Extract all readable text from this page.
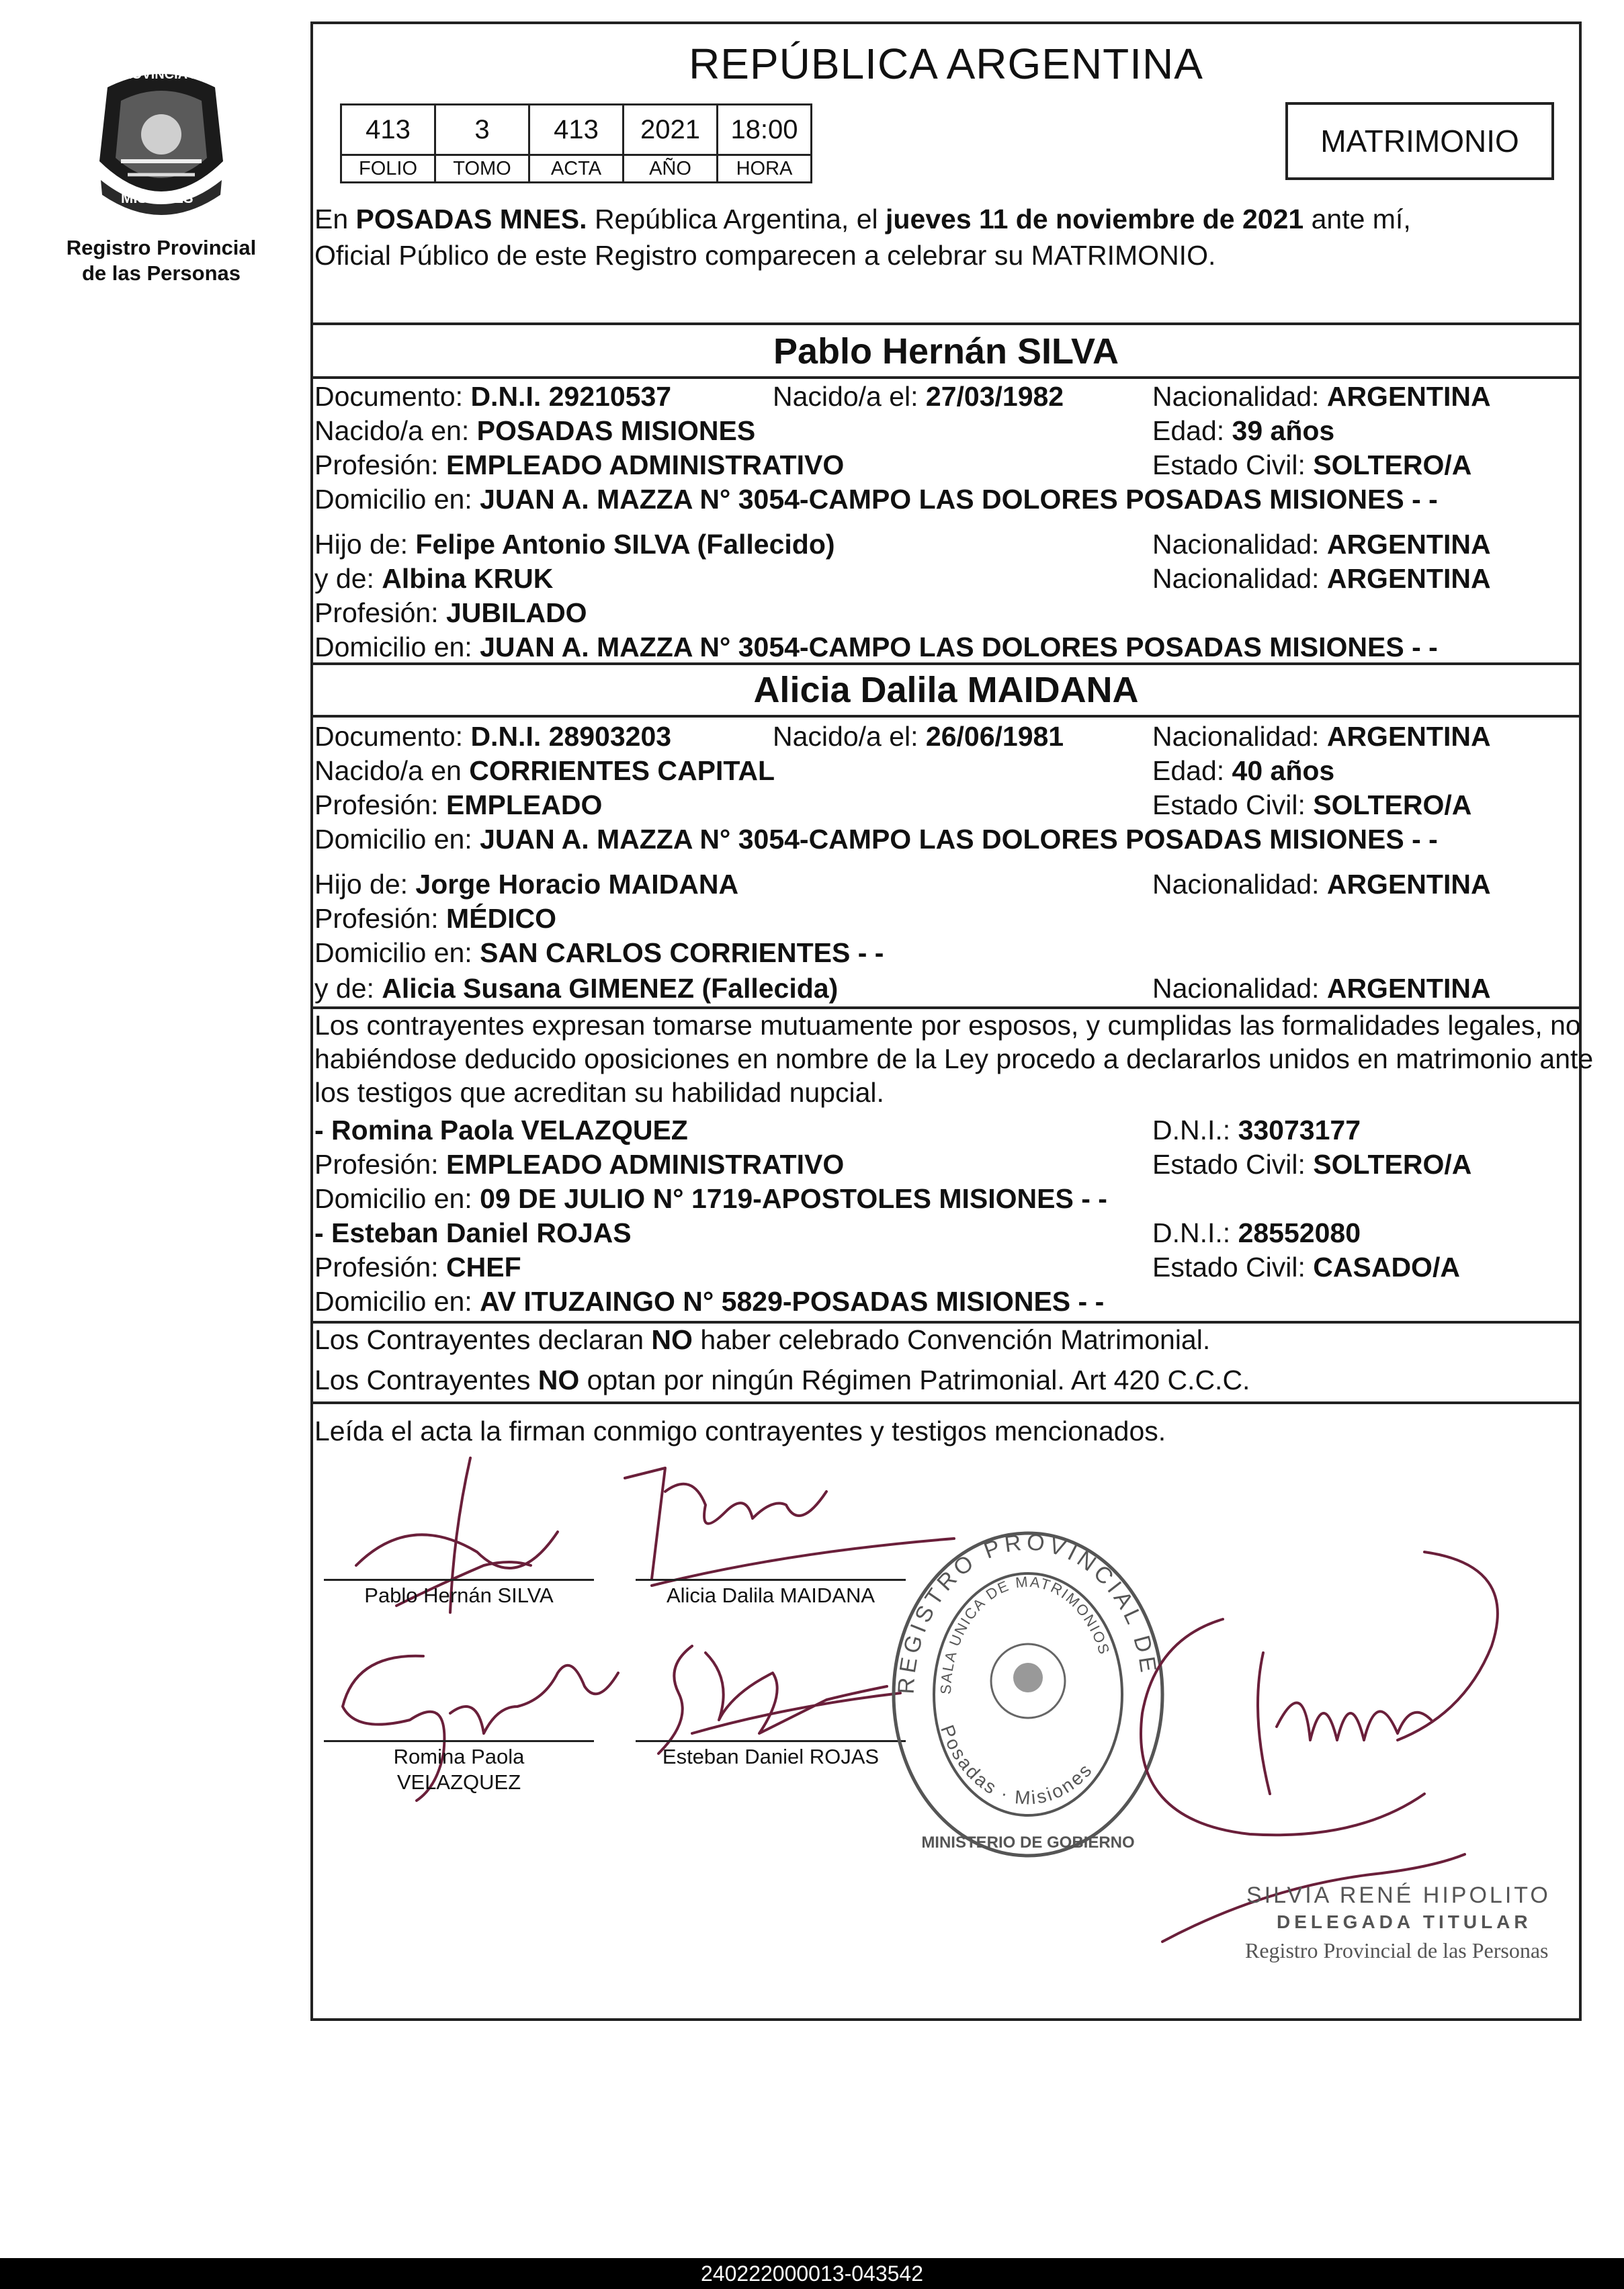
PROVINCIA DE
MISIONES
Registro Provincial
de las Personas
REPÚBLICA ARGENTINA
413	3	413	2021	18:00
FOLIO	TOMO	ACTA	AÑO	HORA
MATRIMONIO
En POSADAS MNES. República Argentina, el jueves 11 de noviembre de 2021 ante mí,
Oficial Público de este Registro comparecen a celebrar su MATRIMONIO.
Pablo Hernán SILVA
Documento: D.N.I. 29210537	Nacido/a el: 27/03/1982	Nacionalidad: ARGENTINA
Nacido/a en: POSADAS MISIONES	Edad: 39 años
Profesión: EMPLEADO ADMINISTRATIVO	Estado Civil: SOLTERO/A
Domicilio en: JUAN A. MAZZA N° 3054-CAMPO LAS DOLORES POSADAS MISIONES - -
Hijo de: Felipe Antonio SILVA (Fallecido)	Nacionalidad: ARGENTINA
y de: Albina KRUK	Nacionalidad: ARGENTINA
Profesión: JUBILADO
Domicilio en: JUAN A. MAZZA N° 3054-CAMPO LAS DOLORES POSADAS MISIONES - -
Alicia Dalila MAIDANA
Documento: D.N.I. 28903203	Nacido/a el: 26/06/1981	Nacionalidad: ARGENTINA
Nacido/a en CORRIENTES CAPITAL	Edad: 40 años
Profesión: EMPLEADO	Estado Civil: SOLTERO/A
Domicilio en: JUAN A. MAZZA N° 3054-CAMPO LAS DOLORES POSADAS MISIONES - -
Hijo de: Jorge Horacio MAIDANA	Nacionalidad: ARGENTINA
Profesión: MÉDICO
Domicilio en: SAN CARLOS CORRIENTES - -
y de: Alicia Susana GIMENEZ (Fallecida)	Nacionalidad: ARGENTINA
Los contrayentes expresan tomarse mutuamente por esposos, y cumplidas las formalidades legales, no
habiéndose deducido oposiciones en nombre de la Ley procedo a declararlos unidos en matrimonio ante
los testigos que acreditan su habilidad nupcial.
- Romina Paola VELAZQUEZ	D.N.I.: 33073177
Profesión: EMPLEADO ADMINISTRATIVO	Estado Civil: SOLTERO/A
Domicilio en: 09 DE JULIO N° 1719-APOSTOLES MISIONES - -
- Esteban Daniel ROJAS	D.N.I.: 28552080
Profesión: CHEF	Estado Civil: CASADO/A
Domicilio en: AV ITUZAINGO N° 5829-POSADAS MISIONES - -
Los Contrayentes declaran NO haber celebrado Convención Matrimonial.
Los Contrayentes NO optan por ningún Régimen Patrimonial. Art 420 C.C.C.
Leída el acta la firman conmigo contrayentes y testigos mencionados.
Pablo Hernán SILVA	Alicia Dalila MAIDANA
Romina Paola
VELAZQUEZ
Esteban Daniel ROJAS
REGISTRO PROVINCIAL DE
SALA UNICA DE MATRIMONIOS
Posadas · Misiones
MINISTERIO DE GOBIERNO
SILVIA RENÉ HIPOLITO
DELEGADA TITULAR
Registro Provincial de las Personas
240222000013-043542
